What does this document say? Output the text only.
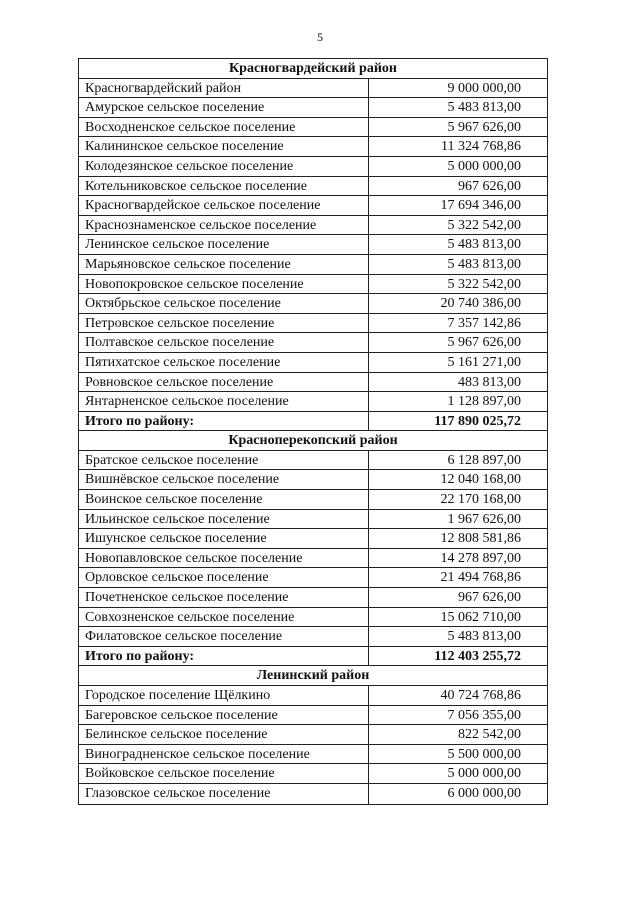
5
Красногвардейский район
Красногвардейский район	9 000 000,00
Амурское сельское поселение	5 483 813,00
Восходненское сельское поселение	5 967 626,00
Калининское сельское поселение	11 324 768,86
Колодезянское сельское поселение	5 000 000,00
Котельниковское сельское поселение	967 626,00
Красногвардейское сельское поселение	17 694 346,00
Краснознаменское сельское поселение	5 322 542,00
Ленинское сельское поселение	5 483 813,00
Марьяновское сельское поселение	5 483 813,00
Новопокровское сельское поселение	5 322 542,00
Октябрьское сельское поселение	20 740 386,00
Петровское сельское поселение	7 357 142,86
Полтавское сельское поселение	5 967 626,00
Пятихатское сельское поселение	5 161 271,00
Ровновское сельское поселение	483 813,00
Янтарненское сельское поселение	1 128 897,00
Итого по району:	117 890 025,72
Красноперекопский район
Братское сельское поселение	6 128 897,00
Вишнёвское сельское поселение	12 040 168,00
Воинское сельское поселение	22 170 168,00
Ильинское сельское поселение	1 967 626,00
Ишунское сельское поселение	12 808 581,86
Новопавловское сельское поселение	14 278 897,00
Орловское сельское поселение	21 494 768,86
Почетненское сельское поселение	967 626,00
Совхозненское сельское поселение	15 062 710,00
Филатовское сельское поселение	5 483 813,00
Итого по району:	112 403 255,72
Ленинский район
Городское поселение Щёлкино	40 724 768,86
Багеровское сельское поселение	7 056 355,00
Белинское сельское поселение	822 542,00
Виноградненское сельское поселение	5 500 000,00
Войковское сельское поселение	5 000 000,00
Глазовское сельское поселение	6 000 000,00
